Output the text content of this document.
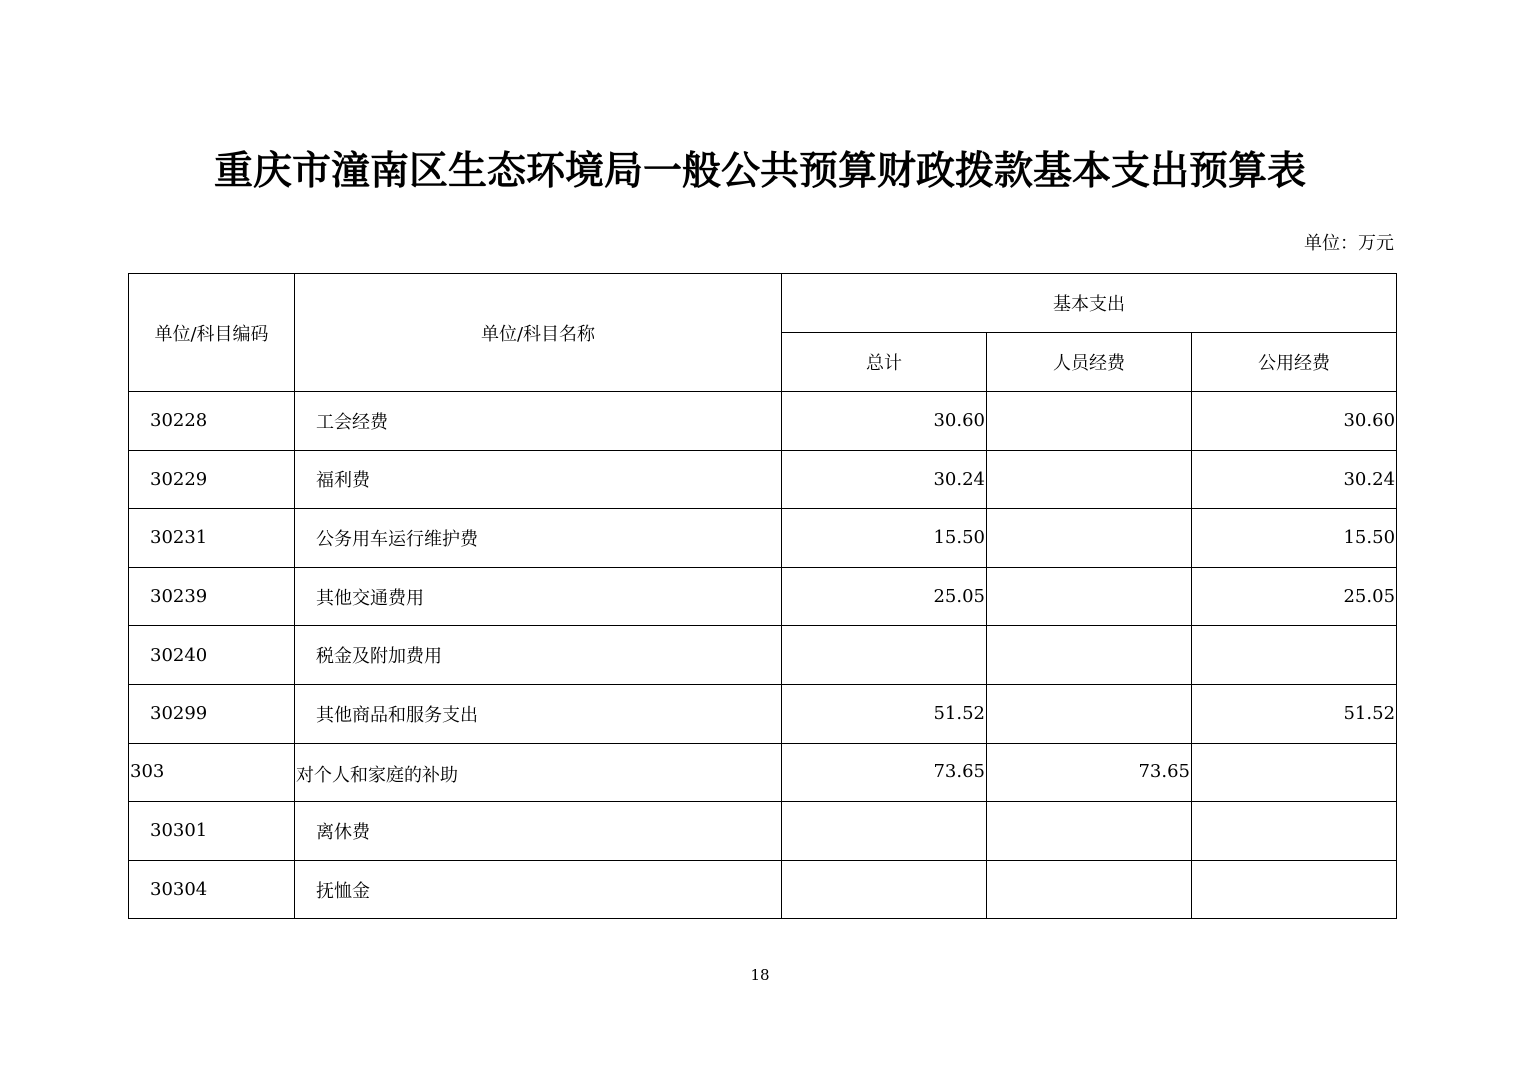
重庆市潼南区生态环境局一般公共预算财政拨款基本支出预算表
单位：万元
单位/科目编码	单位/科目名称	基本支出		
		总计	人员经费	公用经费
30228	工会经费	30.60		30.60
30229	福利费	30.24		30.24
30231	公务用车运行维护费	15.50		15.50
30239	其他交通费用	25.05		25.05
30240	税金及附加费用			
30299	其他商品和服务支出	51.52		51.52
303	对个人和家庭的补助	73.65	73.65	
30301	离休费			
30304	抚恤金			
18
